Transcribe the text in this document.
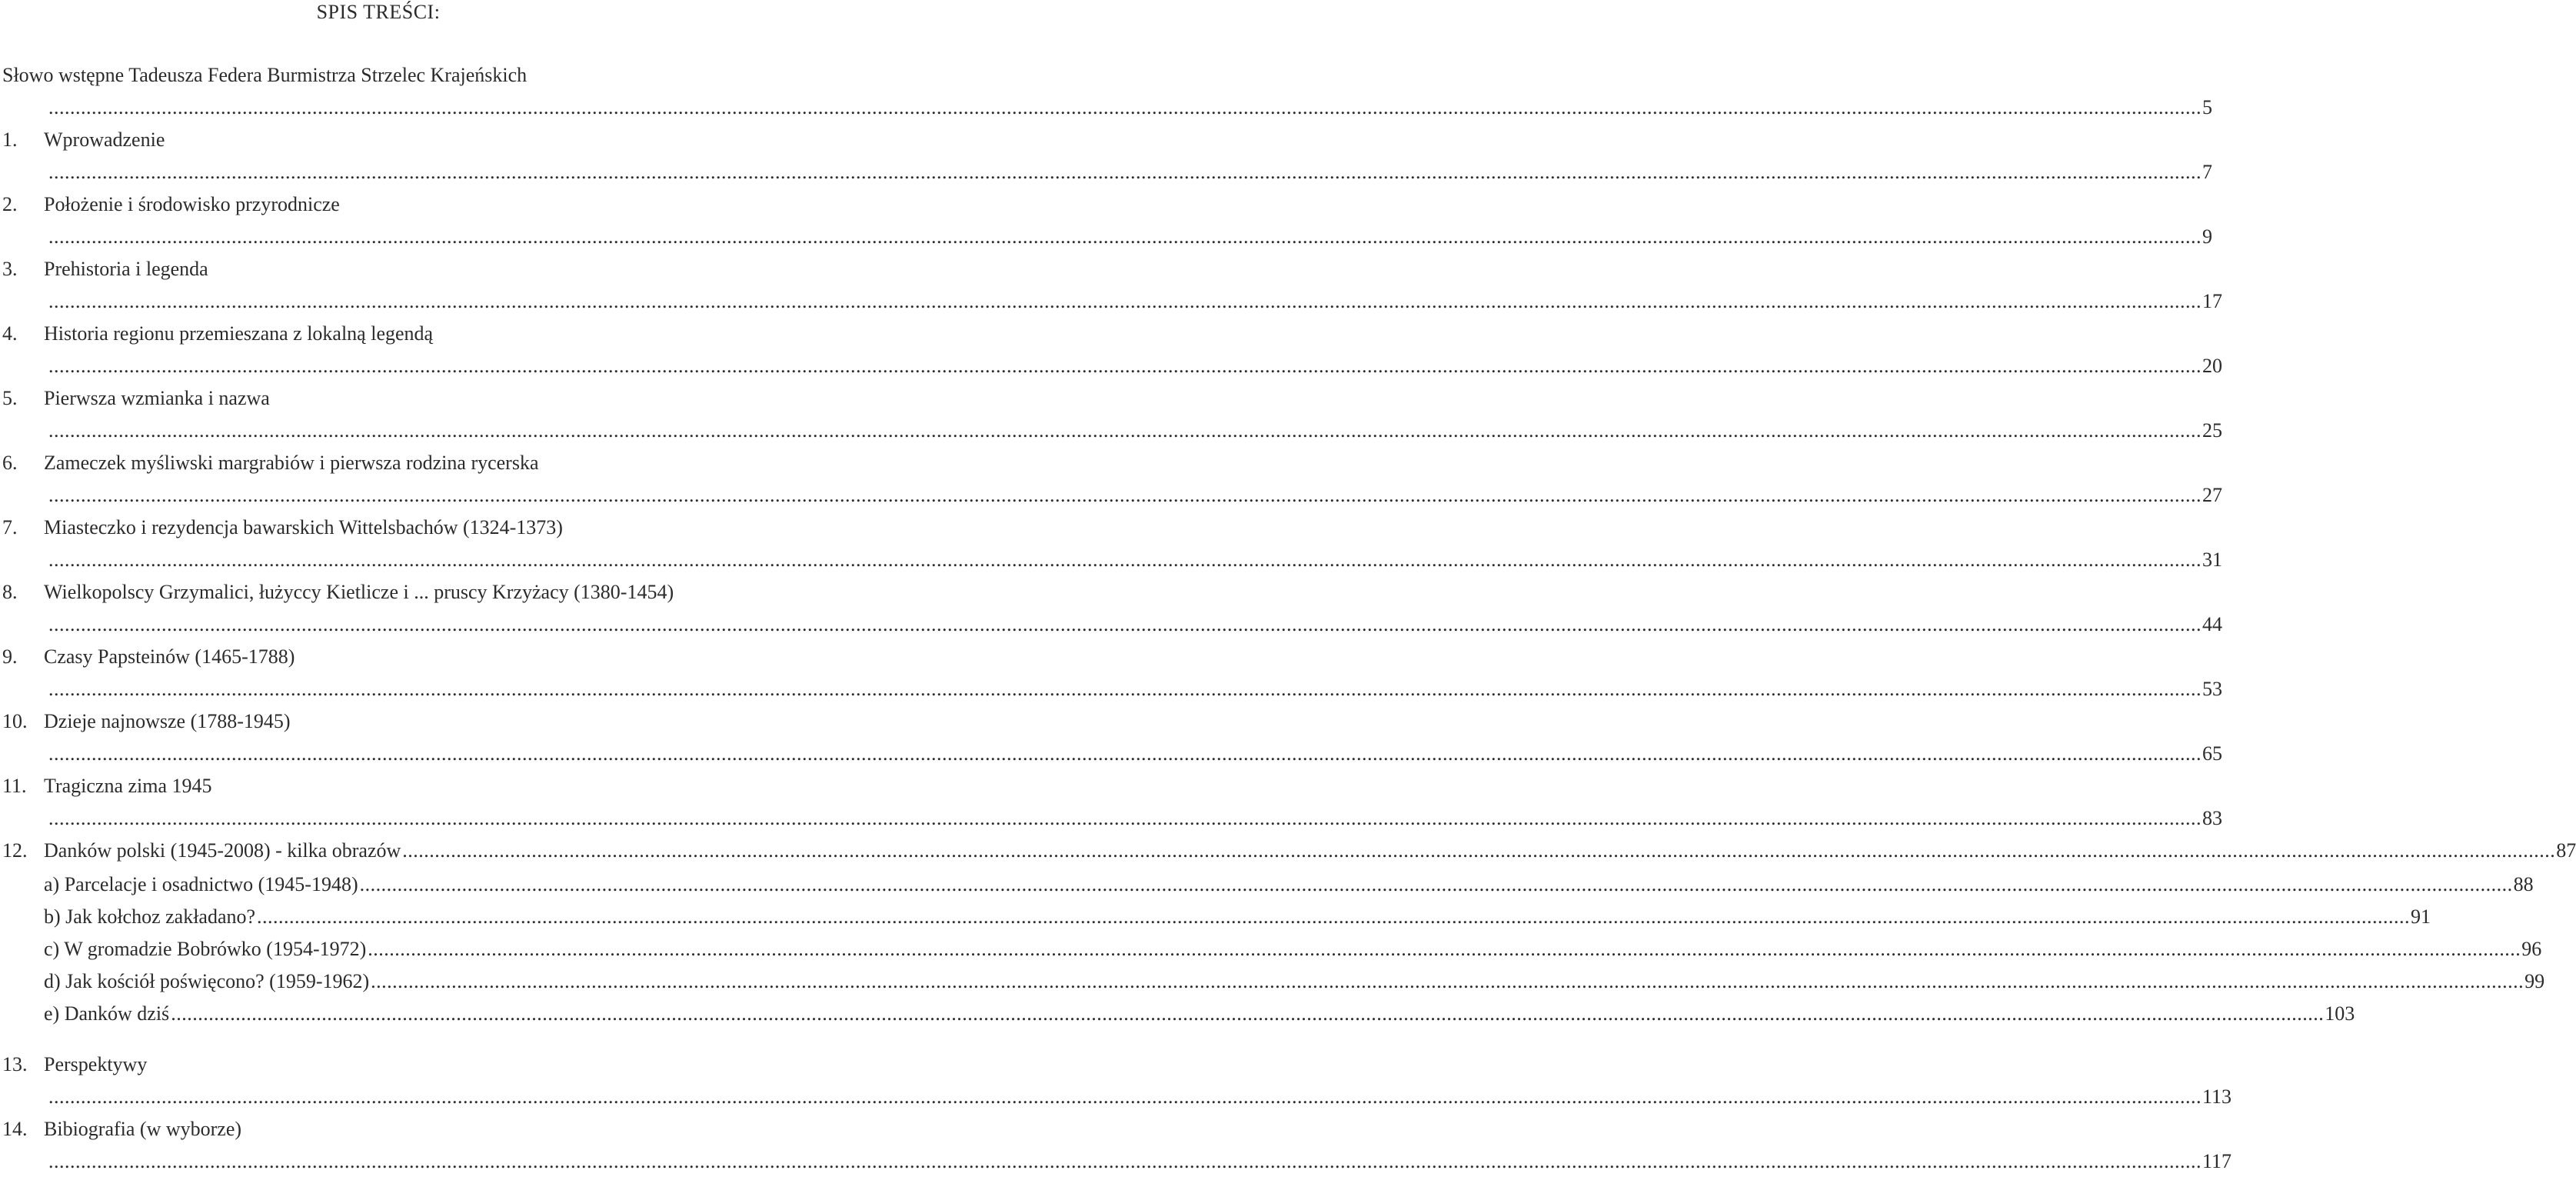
SPIS TREŚCI:
Słowo wstępne Tadeusza Federa Burmistrza Strzelec Krajeńskich
................................................................................................................................................................................................................................................................................................................................................................................................................ 5
1. Wprowadzenie
................................................................................................................................................................................................................................................................................................................................................................................................................ 7
2. Położenie i środowisko przyrodnicze
................................................................................................................................................................................................................................................................................................................................................................................................................ 9
3. Prehistoria i legenda
................................................................................................................................................................................................................................................................................................................................................................................................................ 17
4. Historia regionu przemieszana z lokalną legendą
................................................................................................................................................................................................................................................................................................................................................................................................................ 20
5. Pierwsza wzmianka i nazwa
................................................................................................................................................................................................................................................................................................................................................................................................................ 25
6. Zameczek myśliwski margrabiów i pierwsza rodzina rycerska
................................................................................................................................................................................................................................................................................................................................................................................................................ 27
7. Miasteczko i rezydencja bawarskich Wittelsbachów (1324-1373)
................................................................................................................................................................................................................................................................................................................................................................................................................ 31
8. Wielkopolscy Grzymalici, łużyccy Kietlicze i ... pruscy Krzyżacy (1380-1454)
................................................................................................................................................................................................................................................................................................................................................................................................................ 44
9. Czasy Papsteinów (1465-1788)
................................................................................................................................................................................................................................................................................................................................................................................................................ 53
10. Dzieje najnowsze (1788-1945)
................................................................................................................................................................................................................................................................................................................................................................................................................ 65
11. Tragiczna zima 1945
................................................................................................................................................................................................................................................................................................................................................................................................................ 83
12. Danków polski (1945-2008) - kilka obrazów ................................................................................................................................................................................................................................................................................................................................................................................................................ 87
a) Parcelacje i osadnictwo (1945-1948) ................................................................................................................................................................................................................................................................................................................................................................................................................ 88
b) Jak kołchoz zakładano? ................................................................................................................................................................................................................................................................................................................................................................................................................ 91
c) W gromadzie Bobrówko (1954-1972) ................................................................................................................................................................................................................................................................................................................................................................................................................ 96
d) Jak kościół poświęcono? (1959-1962) ................................................................................................................................................................................................................................................................................................................................................................................................................ 99
e) Danków dziś ................................................................................................................................................................................................................................................................................................................................................................................................................ 103
13. Perspektywy
................................................................................................................................................................................................................................................................................................................................................................................................................ 113
14. Bibiografia (w wyborze)
................................................................................................................................................................................................................................................................................................................................................................................................................ 117
